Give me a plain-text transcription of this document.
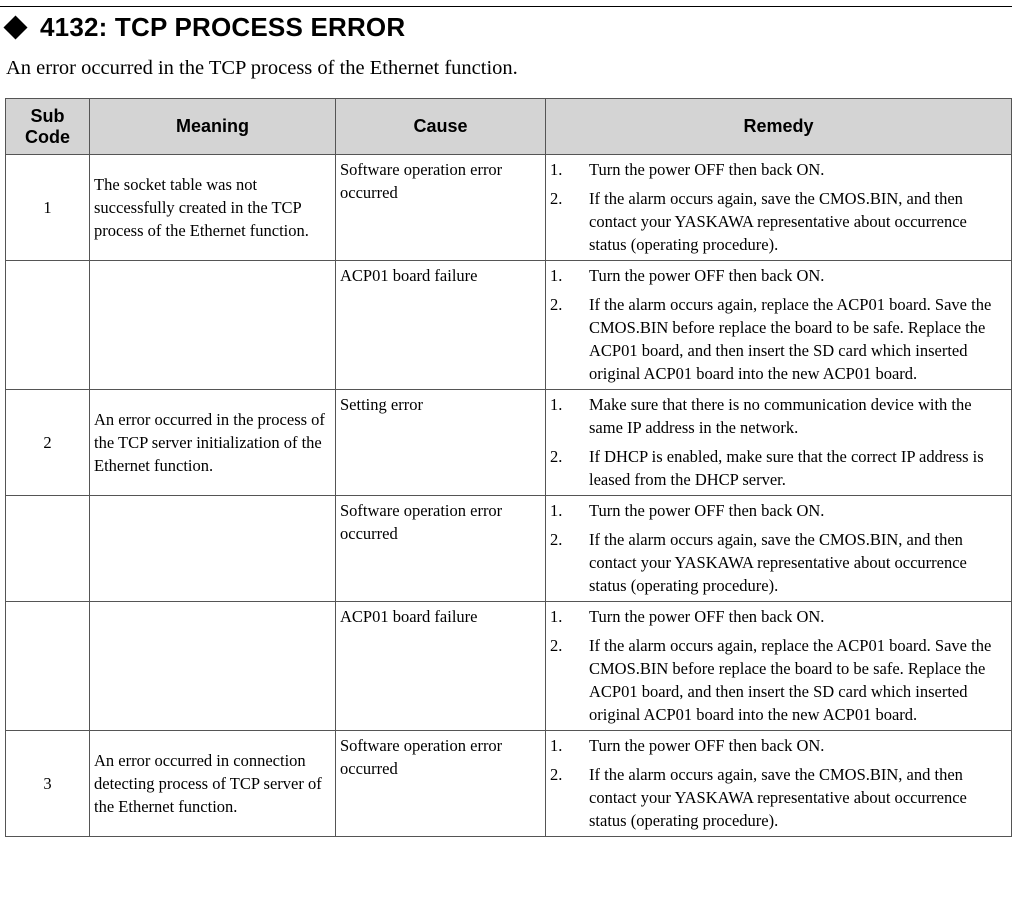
4132: TCP PROCESS ERROR
An error occurred in the TCP process of the Ethernet function.
Sub
Code	Meaning	Cause	Remedy
1	The socket table was not successfully created in the TCP process of the Ethernet function.	Software operation error occurred	1. Turn the power OFF then back ON.
2. If the alarm occurs again, save the CMOS.BIN, and then contact your YASKAWA representative about occurrence status (operating procedure).

		ACP01 board failure	1. Turn the power OFF then back ON.
2. If the alarm occurs again, replace the ACP01 board. Save the CMOS.BIN before replace the board to be safe. Replace the ACP01 board, and then insert the SD card which inserted original ACP01 board into the new ACP01 board.

2	An error occurred in the process of the TCP server initialization of the Ethernet function.	Setting error	1. Make sure that there is no communication device with the same IP address in the network.
2. If DHCP is enabled, make sure that the correct IP address is leased from the DHCP server.

		Software operation error occurred	1. Turn the power OFF then back ON.
2. If the alarm occurs again, save the CMOS.BIN, and then contact your YASKAWA representative about occurrence status (operating procedure).

		ACP01 board failure	1. Turn the power OFF then back ON.
2. If the alarm occurs again, replace the ACP01 board. Save the CMOS.BIN before replace the board to be safe. Replace the ACP01 board, and then insert the SD card which inserted original ACP01 board into the new ACP01 board.

3	An error occurred in connection detecting process of TCP server of the Ethernet function.	Software operation error occurred	1. Turn the power OFF then back ON.
2. If the alarm occurs again, save the CMOS.BIN, and then contact your YASKAWA representative about occurrence status (operating procedure).
